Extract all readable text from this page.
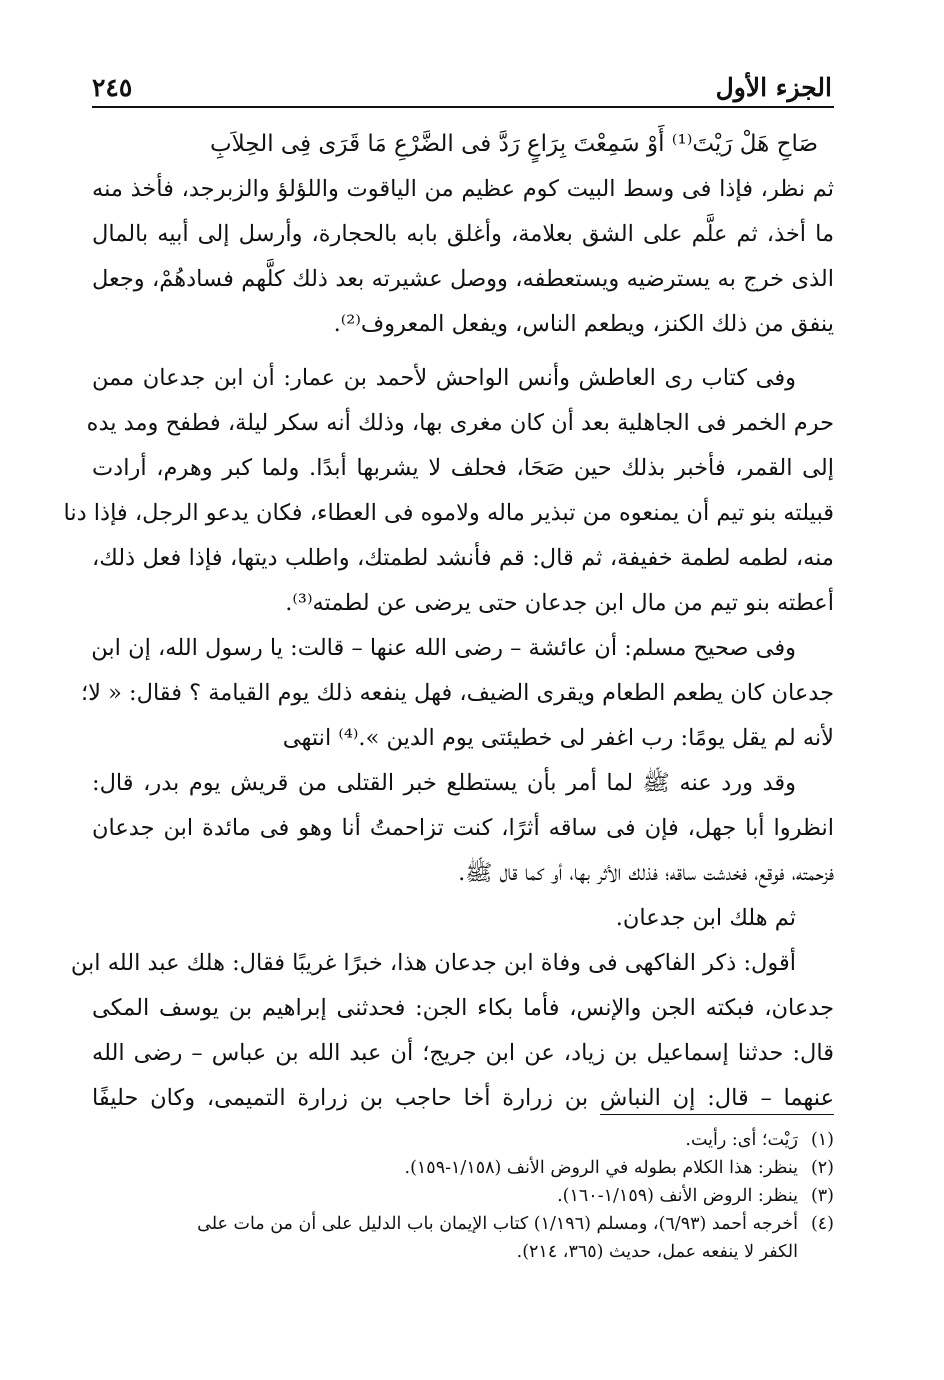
٢٤٥	الجزء الأول
صَاحِ هَلْ رَيْتَ⁽¹⁾ أَوْ سَمِعْتَ بِرَاعٍ
رَدَّ فى الضَّرْعِ مَا قَرَى فِى الحِلاَبِ
ثم نظر، فإذا فى وسط البيت كوم عظيم من الياقوت واللؤلؤ والزبرجد، فأخذ منه
ما أخذ، ثم علَّم على الشق بعلامة، وأغلق بابه بالحجارة، وأرسل إلى أبيه بالمال
الذى خرج به يسترضيه ويستعطفه، ووصل عشيرته بعد ذلك كلَّهم فسادهُمْ، وجعل
ينفق من ذلك الكنز، ويطعم الناس، ويفعل المعروف⁽²⁾.
وفى كتاب رى العاطش وأنس الواحش لأحمد بن عمار: أن ابن جدعان ممن
حرم الخمر فى الجاهلية بعد أن كان مغرى بها، وذلك أنه سكر ليلة، فطفح ومد يده
إلى القمر، فأخبر بذلك حين صَحَا، فحلف لا يشربها أبدًا. ولما كبر وهرم، أرادت
قبيلته بنو تيم أن يمنعوه من تبذير ماله ولاموه فى العطاء، فكان يدعو الرجل، فإذا دنا
منه، لطمه لطمة خفيفة، ثم قال: قم فأنشد لطمتك، واطلب ديتها، فإذا فعل ذلك،
أعطته بنو تيم من مال ابن جدعان حتى يرضى عن لطمته⁽³⁾.
وفى صحيح مسلم: أن عائشة – رضى الله عنها – قالت: يا رسول الله، إن ابن
جدعان كان يطعم الطعام ويقرى الضيف، فهل ينفعه ذلك يوم القيامة ؟ فقال: « لا؛
لأنه لم يقل يومًا: رب اغفر لى خطيئتى يوم الدين ».⁽⁴⁾ انتهى
وقد ورد عنه ﷺ لما أمر بأن يستطلع خبر القتلى من قريش يوم بدر، قال:
انظروا أبا جهل، فإن فى ساقه أثرًا، كنت تزاحمتُ أنا وهو فى مائدة ابن جدعان
فزحمته، فوقع، فخدشت ساقه؛ فذلك الأثر بها، أو كما قال ﷺ.
ثم هلك ابن جدعان.
أقول: ذكر الفاكهى فى وفاة ابن جدعان هذا، خبرًا غريبًا فقال: هلك عبد الله ابن
جدعان، فبكته الجن والإنس، فأما بكاء الجن: فحدثنى إبراهيم بن يوسف المكى
قال: حدثنا إسماعيل بن زياد، عن ابن جريج؛ أن عبد الله بن عباس – رضى الله
عنهما – قال: إن النباش بن زرارة أخا حاجب بن زرارة التميمى، وكان حليفًا
(١)رَيْت؛ أى: رأيت.
(٢)ينظر: هذا الكلام بطوله في الروض الأنف (١/١٥٨-١٥٩).
(٣)ينظر: الروض الأنف (١/١٥٩-١٦٠).
(٤)أخرجه أحمد (٦/٩٣)، ومسلم (١/١٩٦) كتاب الإيمان باب الدليل على أن من مات على
الكفر لا ينفعه عمل، حديث (٣٦٥، ٢١٤).
